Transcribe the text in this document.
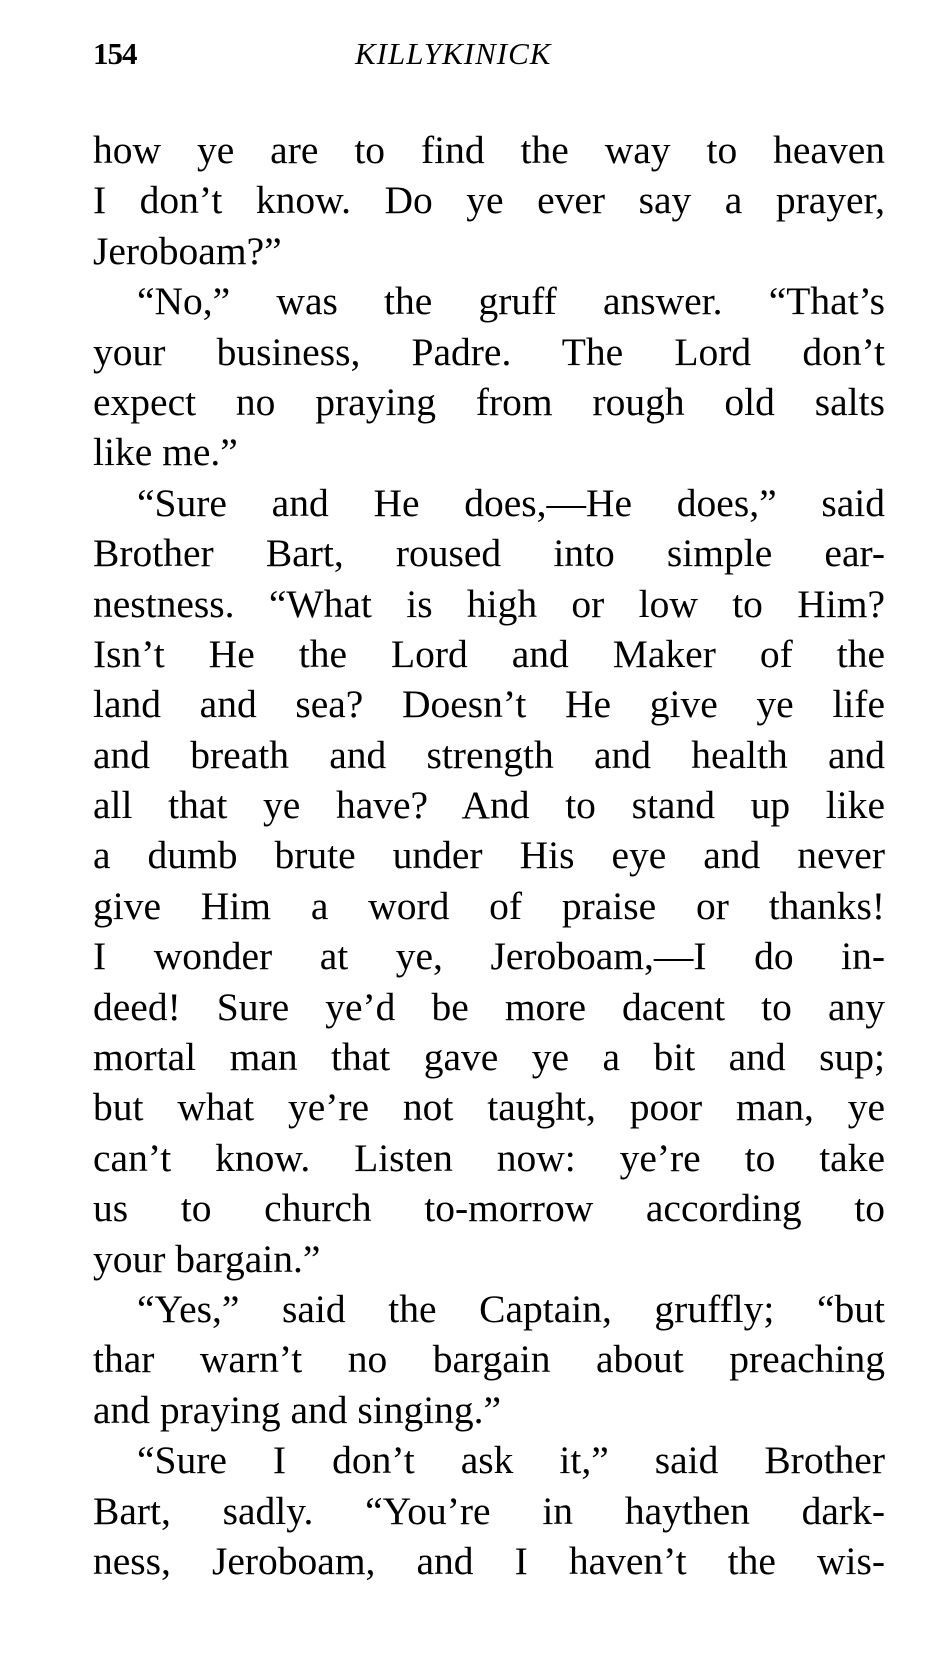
154	KILLYKINICK
how ye are to find the way to heaven
I don’t know. Do ye ever say a prayer,
Jeroboam?”
“No,” was the gruff answer. “That’s
your business, Padre. The Lord don’t
expect no praying from rough old salts
like me.”
“Sure and He does,—He does,” said
Brother Bart, roused into simple ear-
nestness. “What is high or low to Him?
Isn’t He the Lord and Maker of the
land and sea? Doesn’t He give ye life
and breath and strength and health and
all that ye have? And to stand up like
a dumb brute under His eye and never
give Him a word of praise or thanks!
I wonder at ye, Jeroboam,—I do in-
deed! Sure ye’d be more dacent to any
mortal man that gave ye a bit and sup;
but what ye’re not taught, poor man, ye
can’t know. Listen now: ye’re to take
us to church to-morrow according to
your bargain.”
“Yes,” said the Captain, gruffly; “but
thar warn’t no bargain about preaching
and praying and singing.”
“Sure I don’t ask it,” said Brother
Bart, sadly. “You’re in haythen dark-
ness, Jeroboam, and I haven’t the wis-
